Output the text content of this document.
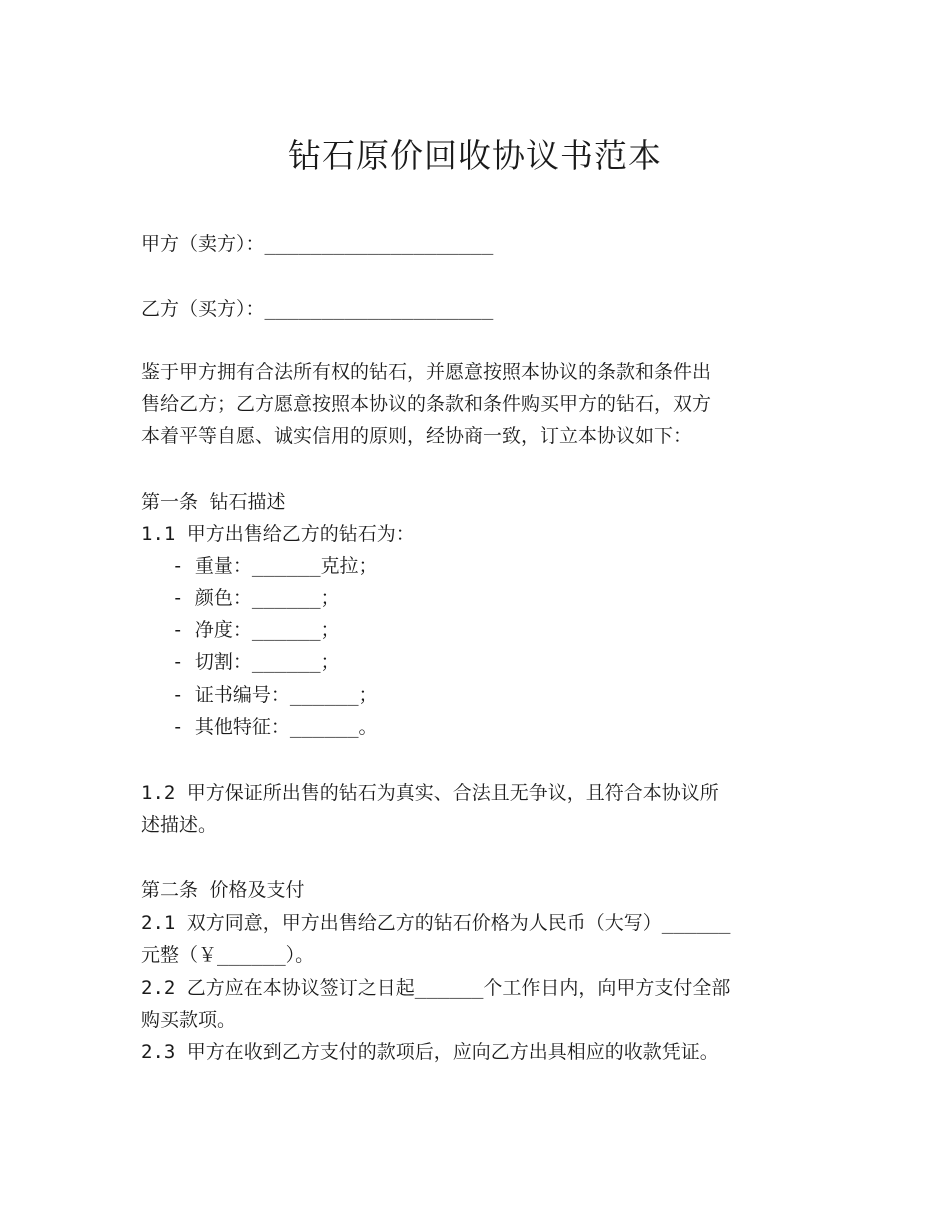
钻石原价回收协议书范本
甲方（卖方）：____________________
乙方（买方）：____________________
鉴于甲方拥有合法所有权的钻石，并愿意按照本协议的条款和条件出
售给乙方；乙方愿意按照本协议的条款和条件购买甲方的钻石，双方
本着平等自愿、诚实信用的原则，经协商一致，订立本协议如下：
第一条 钻石描述
1.1 甲方出售给乙方的钻石为：
- 重量：______克拉；
- 颜色：______；
- 净度：______；
- 切割：______；
- 证书编号：______；
- 其他特征：______。
1.2 甲方保证所出售的钻石为真实、合法且无争议，且符合本协议所
述描述。
第二条 价格及支付
2.1 双方同意，甲方出售给乙方的钻石价格为人民币（大写）______
元整（￥______）。
2.2 乙方应在本协议签订之日起______个工作日内，向甲方支付全部
购买款项。
2.3 甲方在收到乙方支付的款项后，应向乙方出具相应的收款凭证。
